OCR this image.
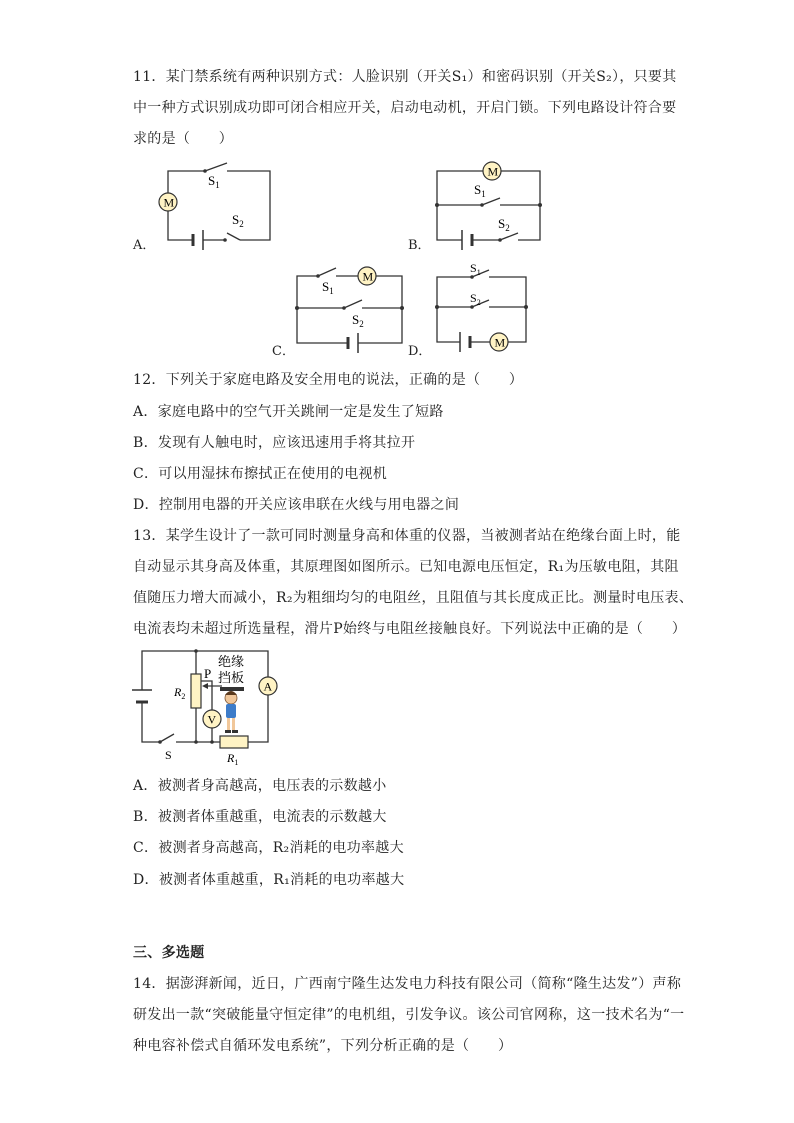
11．某门禁系统有两种识别方式：人脸识别（开关S₁）和密码识别（开关S₂），只要其
中一种方式识别成功即可闭合相应开关，启动电动机，开启门锁。下列电路设计符合要
求的是（　　）
A．	B．
C．	D．
M
$S_1$
$S_2$
M
$S_1$
$S_2$
M
$S_1$
$S_2$
M
$S_1$
$S_2$
12．下列关于家庭电路及安全用电的说法，正确的是（　　）
A．家庭电路中的空气开关跳闸一定是发生了短路
B．发现有人触电时，应该迅速用手将其拉开
C．可以用湿抹布擦拭正在使用的电视机
D．控制用电器的开关应该串联在火线与用电器之间
13．某学生设计了一款可同时测量身高和体重的仪器，当被测者站在绝缘台面上时，能
自动显示其身高及体重，其原理图如图所示。已知电源电压恒定，R₁为压敏电阻，其阻
值随压力增大而减小，R₂为粗细均匀的电阻丝，且阻值与其长度成正比。测量时电压表、
电流表均未超过所选量程，滑片P始终与电阻丝接触良好。下列说法中正确的是（　　）
V
A
绝缘
挡板
P
$R_2$
$R_1$
S
A．被测者身高越高，电压表的示数越小
B．被测者体重越重，电流表的示数越大
C．被测者身高越高，R₂消耗的电功率越大
D．被测者体重越重，R₁消耗的电功率越大
三、多选题
14．据澎湃新闻，近日，广西南宁隆生达发电力科技有限公司（简称“隆生达发”）声称
研发出一款“突破能量守恒定律”的电机组，引发争议。该公司官网称，这一技术名为“一
种电容补偿式自循环发电系统”，下列分析正确的是（　　）
